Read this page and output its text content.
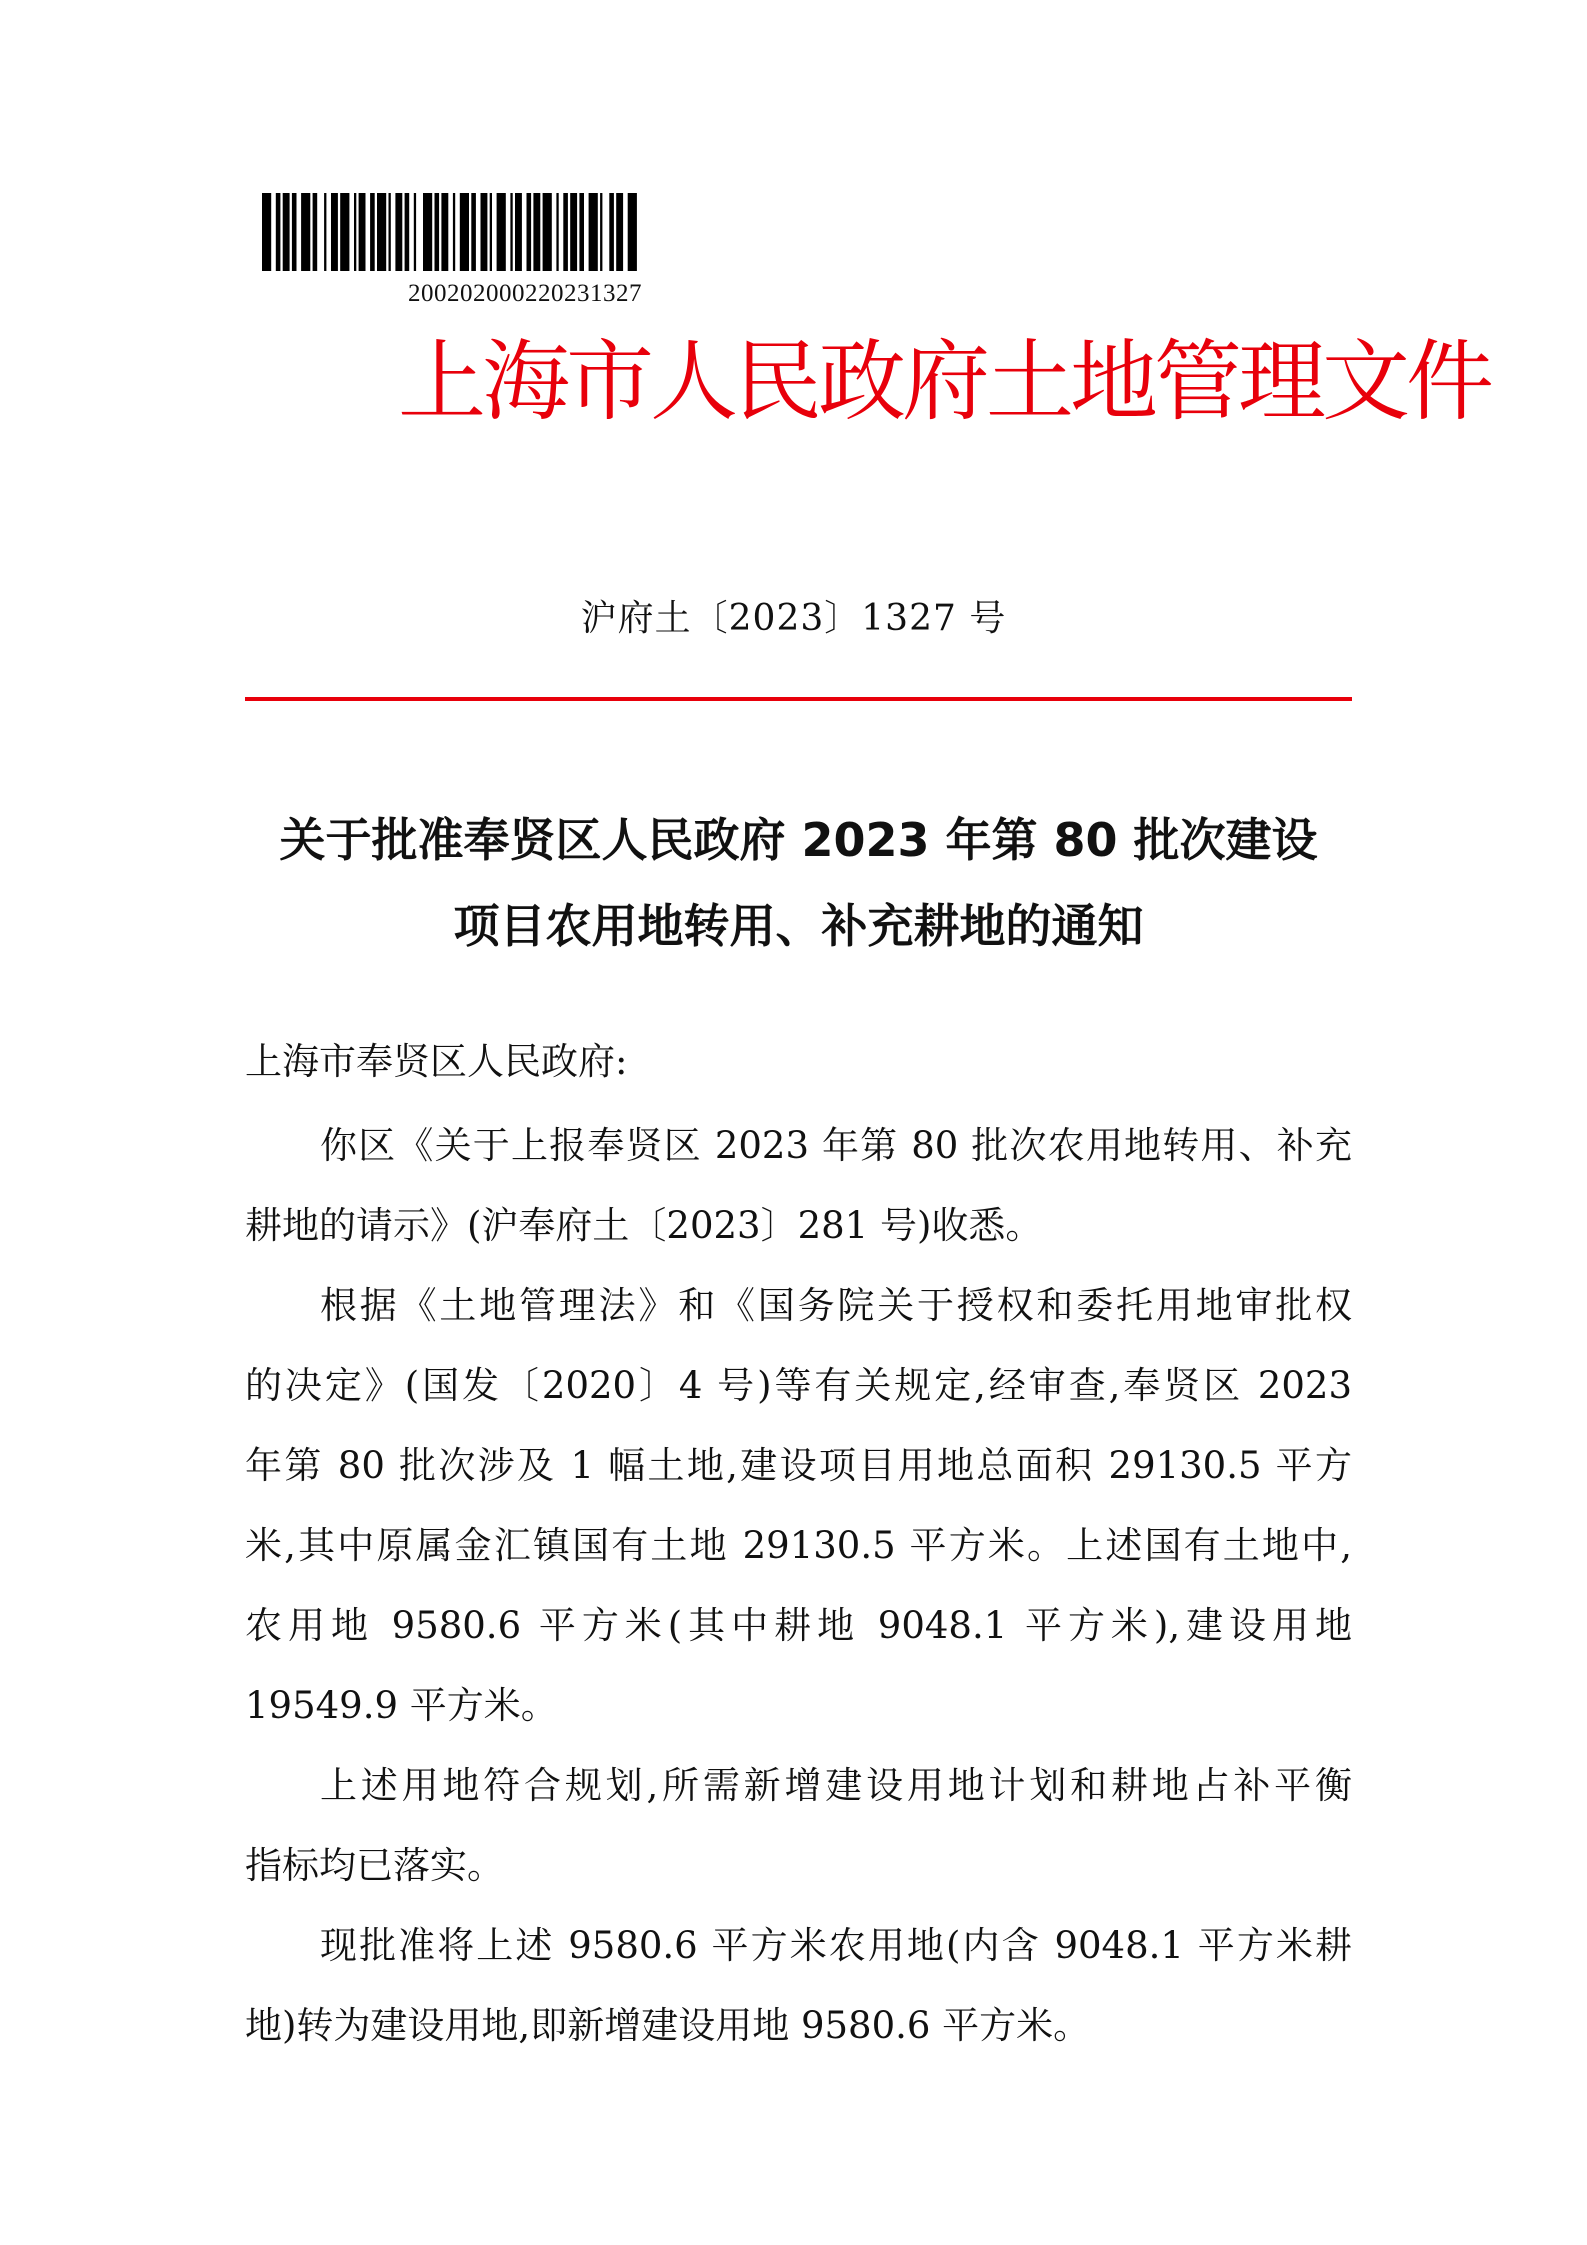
200202000220231327
上海市人民政府土地管理文件
沪府土〔2023〕1327 号
关于批准奉贤区人民政府 2023 年第 80 批次建设
项目农用地转用、补充耕地的通知
上海市奉贤区人民政府:
你区《关于上报奉贤区 2023 年第 80 批次农用地转用、补充
耕地的请示》(沪奉府土〔2023〕281 号)收悉。
根据《土地管理法》和《国务院关于授权和委托用地审批权
的决定》(国发〔2020〕4 号)等有关规定,经审查,奉贤区 2023
年第 80 批次涉及 1 幅土地,建设项目用地总面积 29130.5 平方
米,其中原属金汇镇国有土地 29130.5 平方米。上述国有土地中,
农用地 9580.6 平方米(其中耕地 9048.1 平方米),建设用地
19549.9 平方米。
上述用地符合规划,所需新增建设用地计划和耕地占补平衡
指标均已落实。
现批准将上述 9580.6 平方米农用地(内含 9048.1 平方米耕
地)转为建设用地,即新增建设用地 9580.6 平方米。
